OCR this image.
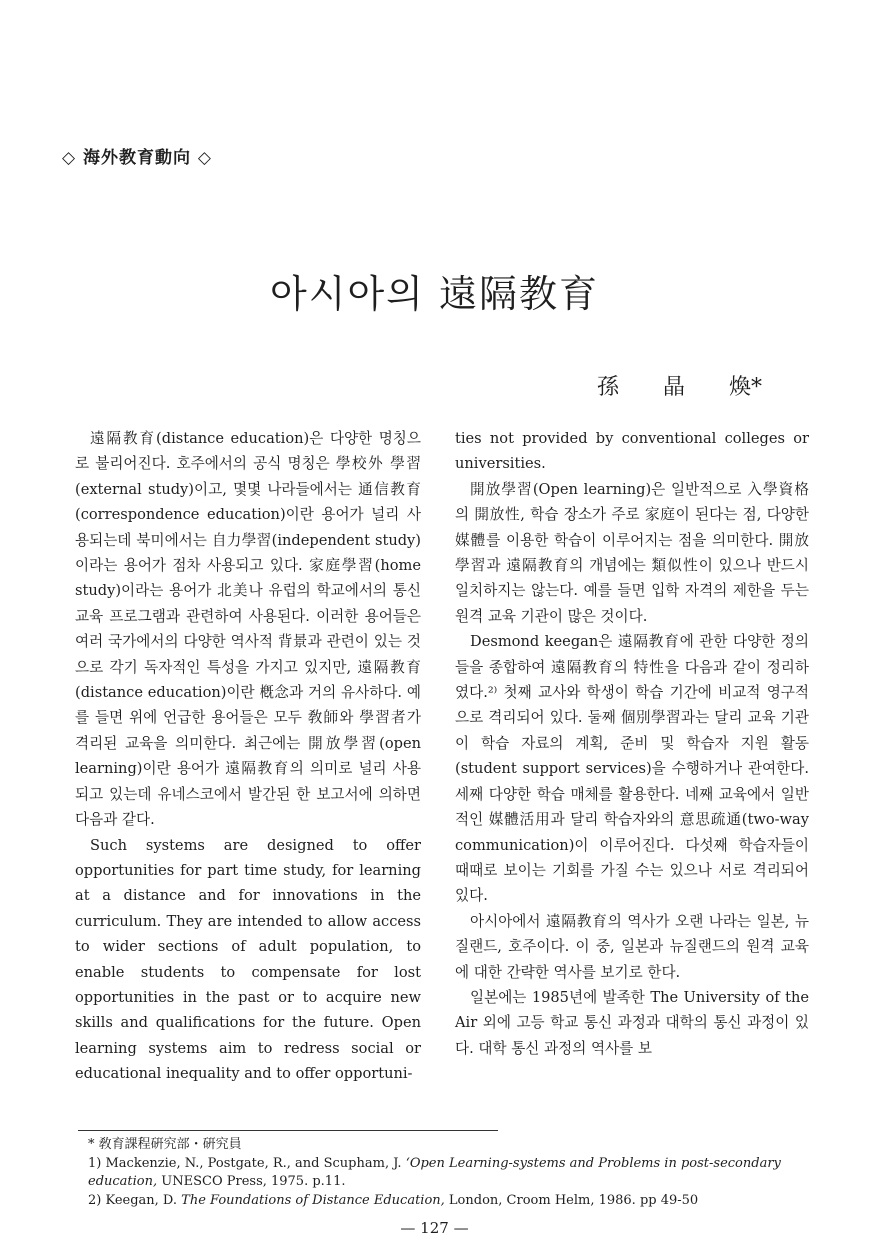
◇ 海外教育動向 ◇
아시아의 遠隔教育
孫　　晶　　煥*

遠隔教育(distance education)은 다양한 명칭으로 불리어진다. 호주에서의 공식 명칭은 學校外 學習(external study)이고, 몇몇 나라들에서는 通信教育(correspondence education)이란 용어가 널리 사용되는데 북미에서는 自力學習(independent study)이라는 용어가 점차 사용되고 있다. 家庭學習(home study)이라는 용어가 北美나 유럽의 학교에서의 통신 교육 프로그램과 관련하여 사용된다. 이러한 용어들은 여러 국가에서의 다양한 역사적 背景과 관련이 있는 것으로 각기 독자적인 특성을 가지고 있지만, 遠隔教育(distance education)이란 槪念과 거의 유사하다. 예를 들면 위에 언급한 용어들은 모두 敎師와 學習者가 격리된 교육을 의미한다. 최근에는 開放學習(open learning)이란 용어가 遠隔教育의 의미로 널리 사용되고 있는데 유네스코에서 발간된 한 보고서에 의하면 다음과 같다.

Such systems are designed to offer opportunities for part time study, for learning at a distance and for innovations in the curriculum. They are intended to allow access to wider sections of adult population, to enable students to compensate for lost opportunities in the past or to acquire new skills and qualifications for the future. Open learning systems aim to redress social or educational inequality and to offer opportuni-

ties not provided by conventional colleges or universities.

開放學習(Open learning)은 일반적으로 入學資格의 開放性, 학습 장소가 주로 家庭이 된다는 점, 다양한 媒體를 이용한 학습이 이루어지는 점을 의미한다. 開放學習과 遠隔教育의 개념에는 類似性이 있으나 반드시 일치하지는 않는다. 예를 들면 입학 자격의 제한을 두는 원격 교육 기관이 많은 것이다.

Desmond keegan은 遠隔教育에 관한 다양한 정의들을 종합하여 遠隔教育의 特性을 다음과 같이 정리하였다.²⁾ 첫째 교사와 학생이 학습 기간에 비교적 영구적으로 격리되어 있다. 둘째 個別學習과는 달리 교육 기관이 학습 자료의 계획, 준비 및 학습자 지원 활동(student support services)을 수행하거나 관여한다. 세째 다양한 학습 매체를 활용한다. 네째 교육에서 일반적인 媒體活用과 달리 학습자와의 意思疏通(two-way communication)이 이루어진다. 다섯째 학습자들이 때때로 보이는 기회를 가질 수는 있으나 서로 격리되어 있다.

아시아에서 遠隔教育의 역사가 오랜 나라는 일본, 뉴질랜드, 호주이다. 이 중, 일본과 뉴질랜드의 원격 교육에 대한 간략한 역사를 보기로 한다.

일본에는 1985년에 발족한 The University of the Air 외에 고등 학교 통신 과정과 대학의 통신 과정이 있다. 대학 통신 과정의 역사를 보

* 敎育課程硏究部・硏究員
1) Mackenzie, N., Postgate, R., and Scupham, J. ‘Open Learning-systems and Problems in post-secondary education, UNESCO Press, 1975. p.11.
2) Keegan, D. The Foundations of Distance Education, London, Croom Helm, 1986. pp 49-50
— 127 —
